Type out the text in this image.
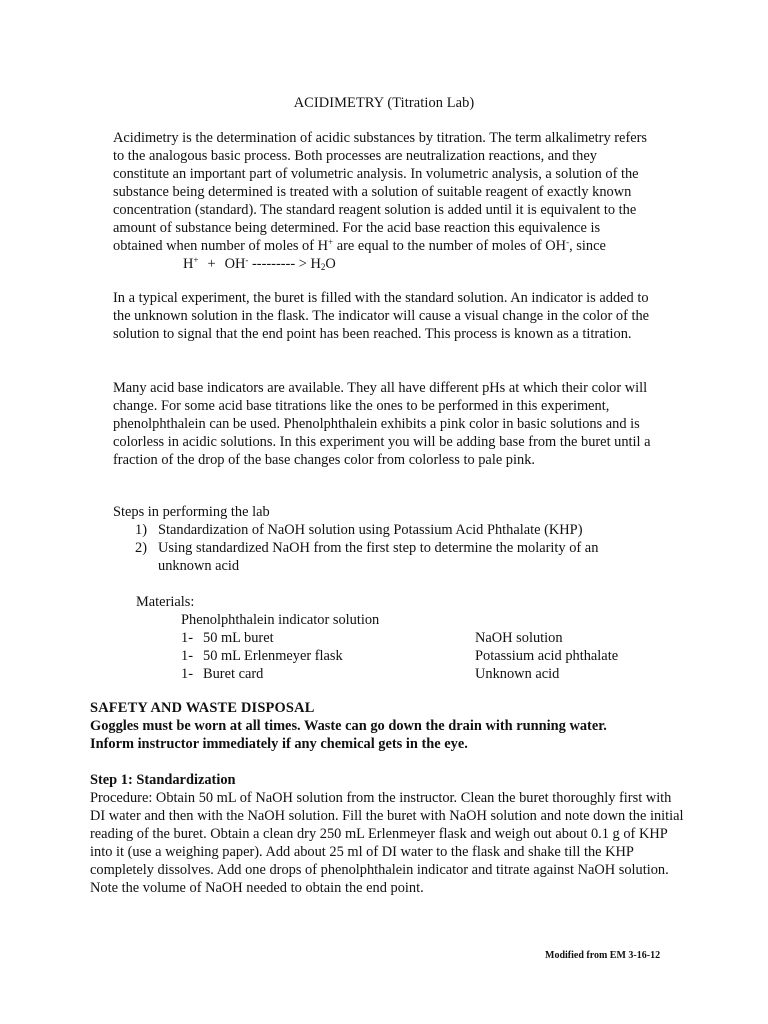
ACIDIMETRY (Titration Lab)

Acidimetry is the determination of acidic substances by titration. The term alkalimetry refers to the analogous basic process. Both processes are neutralization reactions, and they constitute an important part of volumetric analysis. In volumetric analysis, a solution of the substance being determined is treated with a solution of suitable reagent of exactly known concentration (standard). The standard reagent solution is added until it is equivalent to the amount of substance being determined. For the acid base reaction this equivalence is obtained when number of moles of H+ are equal to the number of moles of OH-, sinceH+ + OH- --------- > $H_2O$

In a typical experiment, the buret is filled with the standard solution. An indicator is added to the unknown solution in the flask. The indicator will cause a visual change in the color of the solution to signal that the end point has been reached. This process is known as a titration.

Many acid base indicators are available. They all have different pHs at which their color will change. For some acid base titrations like the ones to be performed in this experiment, phenolphthalein can be used. Phenolphthalein exhibits a pink color in basic solutions and is colorless in acidic solutions. In this experiment you will be adding base from the buret until a fraction of the drop of the base changes color from colorless to pale pink.

Steps in performing the lab
1) Standardization of NaOH solution using Potassium Acid Phthalate (KHP)
2) Using standardized NaOH from the first step to determine the molarity of an unknown acid
Materials:
Phenolphthalein indicator solution
1- 50 mL buret	NaOH solution
1- 50 mL Erlenmeyer flask	Potassium acid phthalate
1- Buret card	Unknown acid
SAFETY AND WASTE DISPOSAL
Goggles must be worn at all times. Waste can go down the drain with running water.
Inform instructor immediately if any chemical gets in the eye.
Step 1: Standardization

Procedure: Obtain 50 mL of NaOH solution from the instructor. Clean the buret thoroughly first with DI water and then with the NaOH solution. Fill the buret with NaOH solution and note down the initial reading of the buret. Obtain a clean dry 250 mL Erlenmeyer flask and weigh out about 0.1 g of KHP into it (use a weighing paper). Add about 25 ml of DI water to the flask and shake till the KHP completely dissolves. Add one drops of phenolphthalein indicator and titrate against NaOH solution. Note the volume of NaOH needed to obtain the end point.

Modified from EM 3-16-12
